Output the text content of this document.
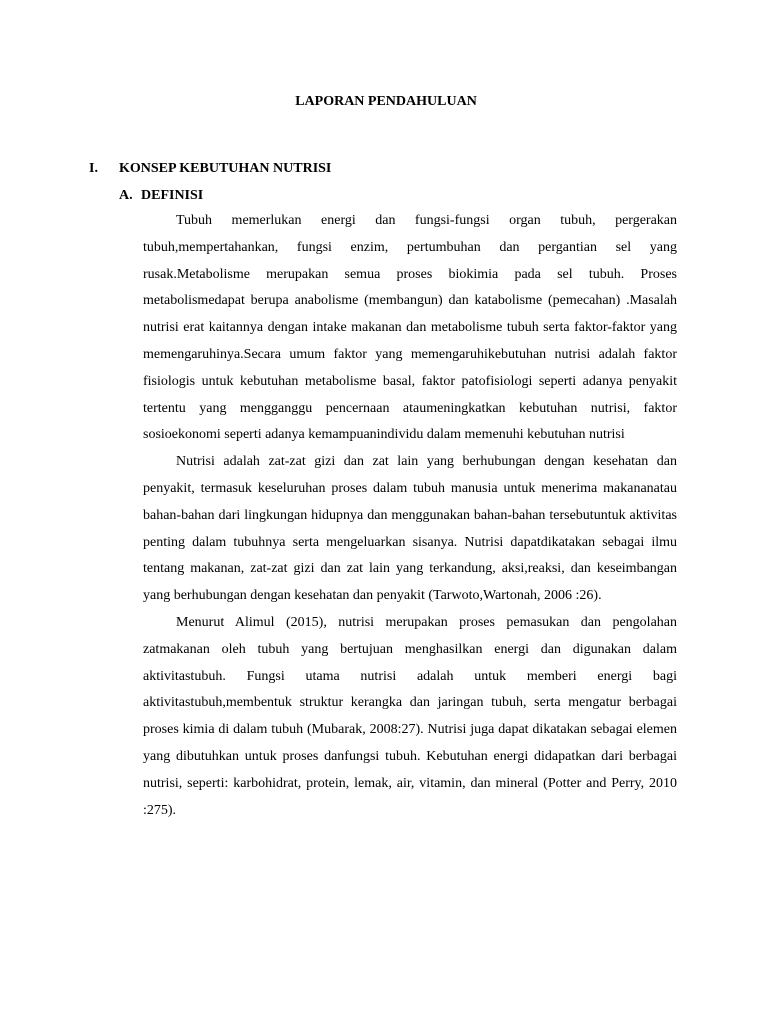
LAPORAN PENDAHULUAN
I. KONSEP KEBUTUHAN NUTRISI
A. DEFINISI

Tubuh memerlukan energi dan fungsi-fungsi organ tubuh, pergerakan tubuh,mempertahankan, fungsi enzim, pertumbuhan dan pergantian sel yang rusak.Metabolisme merupakan semua proses biokimia pada sel tubuh. Proses metabolismedapat berupa anabolisme (membangun) dan katabolisme (pemecahan) .Masalah nutrisi erat kaitannya dengan intake makanan dan metabolisme tubuh serta faktor-faktor yang memengaruhinya.Secara umum faktor yang memengaruhikebutuhan nutrisi adalah faktor fisiologis untuk kebutuhan metabolisme basal, faktor patofisiologi seperti adanya penyakit tertentu yang mengganggu pencernaan ataumeningkatkan kebutuhan nutrisi, faktor sosioekonomi seperti adanya kemampuanindividu dalam memenuhi kebutuhan nutrisi

Nutrisi adalah zat-zat gizi dan zat lain yang berhubungan dengan kesehatan dan penyakit, termasuk keseluruhan proses dalam tubuh manusia untuk menerima makananatau bahan-bahan dari lingkungan hidupnya dan menggunakan bahan-bahan tersebutuntuk aktivitas penting dalam tubuhnya serta mengeluarkan sisanya. Nutrisi dapatdikatakan sebagai ilmu tentang makanan, zat-zat gizi dan zat lain yang terkandung, aksi,reaksi, dan keseimbangan yang berhubungan dengan kesehatan dan penyakit (Tarwoto,Wartonah, 2006 :26).

Menurut Alimul (2015), nutrisi merupakan proses pemasukan dan pengolahan zatmakanan oleh tubuh yang bertujuan menghasilkan energi dan digunakan dalam aktivitastubuh. Fungsi utama nutrisi adalah untuk memberi energi bagi aktivitastubuh,membentuk struktur kerangka dan jaringan tubuh, serta mengatur berbagai proses kimia di dalam tubuh (Mubarak, 2008:27). Nutrisi juga dapat dikatakan sebagai elemen yang dibutuhkan untuk proses danfungsi tubuh. Kebutuhan energi didapatkan dari berbagai nutrisi, seperti: karbohidrat, protein, lemak, air, vitamin, dan mineral (Potter and Perry, 2010 :275).
